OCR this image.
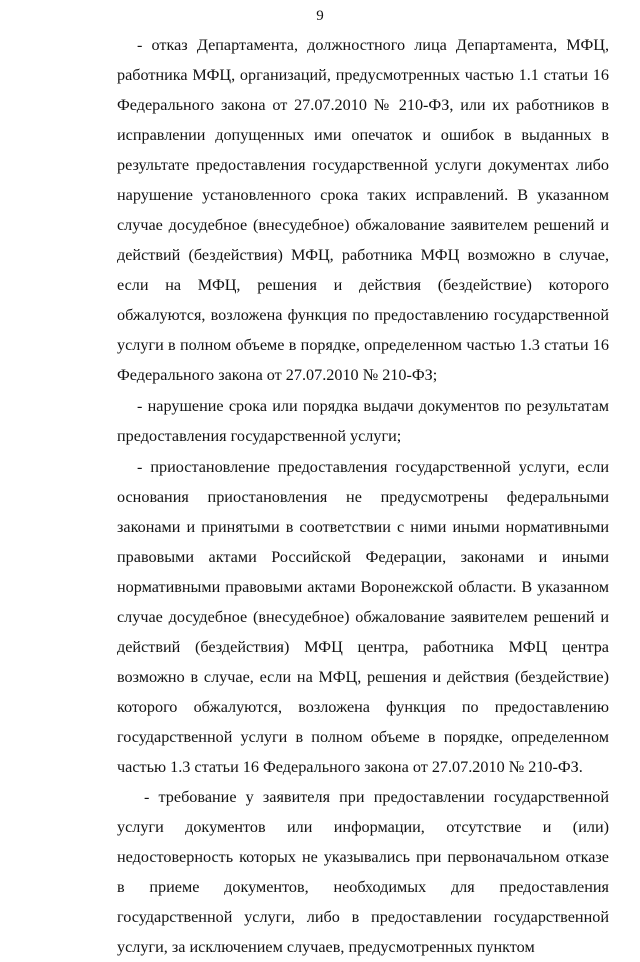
9

- отказ Департамента, должностного лица Департамента, МФЦ, работника МФЦ, организаций, предусмотренных частью 1.1 статьи 16 Федерального закона от 27.07.2010 № 210-ФЗ, или их работников в исправлении допущенных ими опечаток и ошибок в выданных в результате предоставления государственной услуги документах либо нарушение установленного срока таких исправлений. В указанном случае досудебное (внесудебное) обжалование заявителем решений и действий (бездействия) МФЦ, работника МФЦ возможно в случае, если на МФЦ, решения и действия (бездействие) которого обжалуются, возложена функция по предоставлению государственной услуги в полном объеме в порядке, определенном частью 1.3 статьи 16 Федерального закона от 27.07.2010 № 210-ФЗ;

- нарушение срока или порядка выдачи документов по результатам предоставления государственной услуги;

- приостановление предоставления государственной услуги, если основания приостановления не предусмотрены федеральными законами и принятыми в соответствии с ними иными нормативными правовыми актами Российской Федерации, законами и иными нормативными правовыми актами Воронежской области. В указанном случае досудебное (внесудебное) обжалование заявителем решений и действий (бездействия) МФЦ центра, работника МФЦ центра возможно в случае, если на МФЦ, решения и действия (бездействие) которого обжалуются, возложена функция по предоставлению государственной услуги в полном объеме в порядке, определенном частью 1.3 статьи 16 Федерального закона от 27.07.2010 № 210-ФЗ.

- требование у заявителя при предоставлении государственной услуги документов или информации, отсутствие и (или) недостоверность которых не указывались при первоначальном отказе в приеме документов, необходимых для предоставления государственной услуги, либо в предоставлении государственной услуги, за исключением случаев, предусмотренных пунктом
